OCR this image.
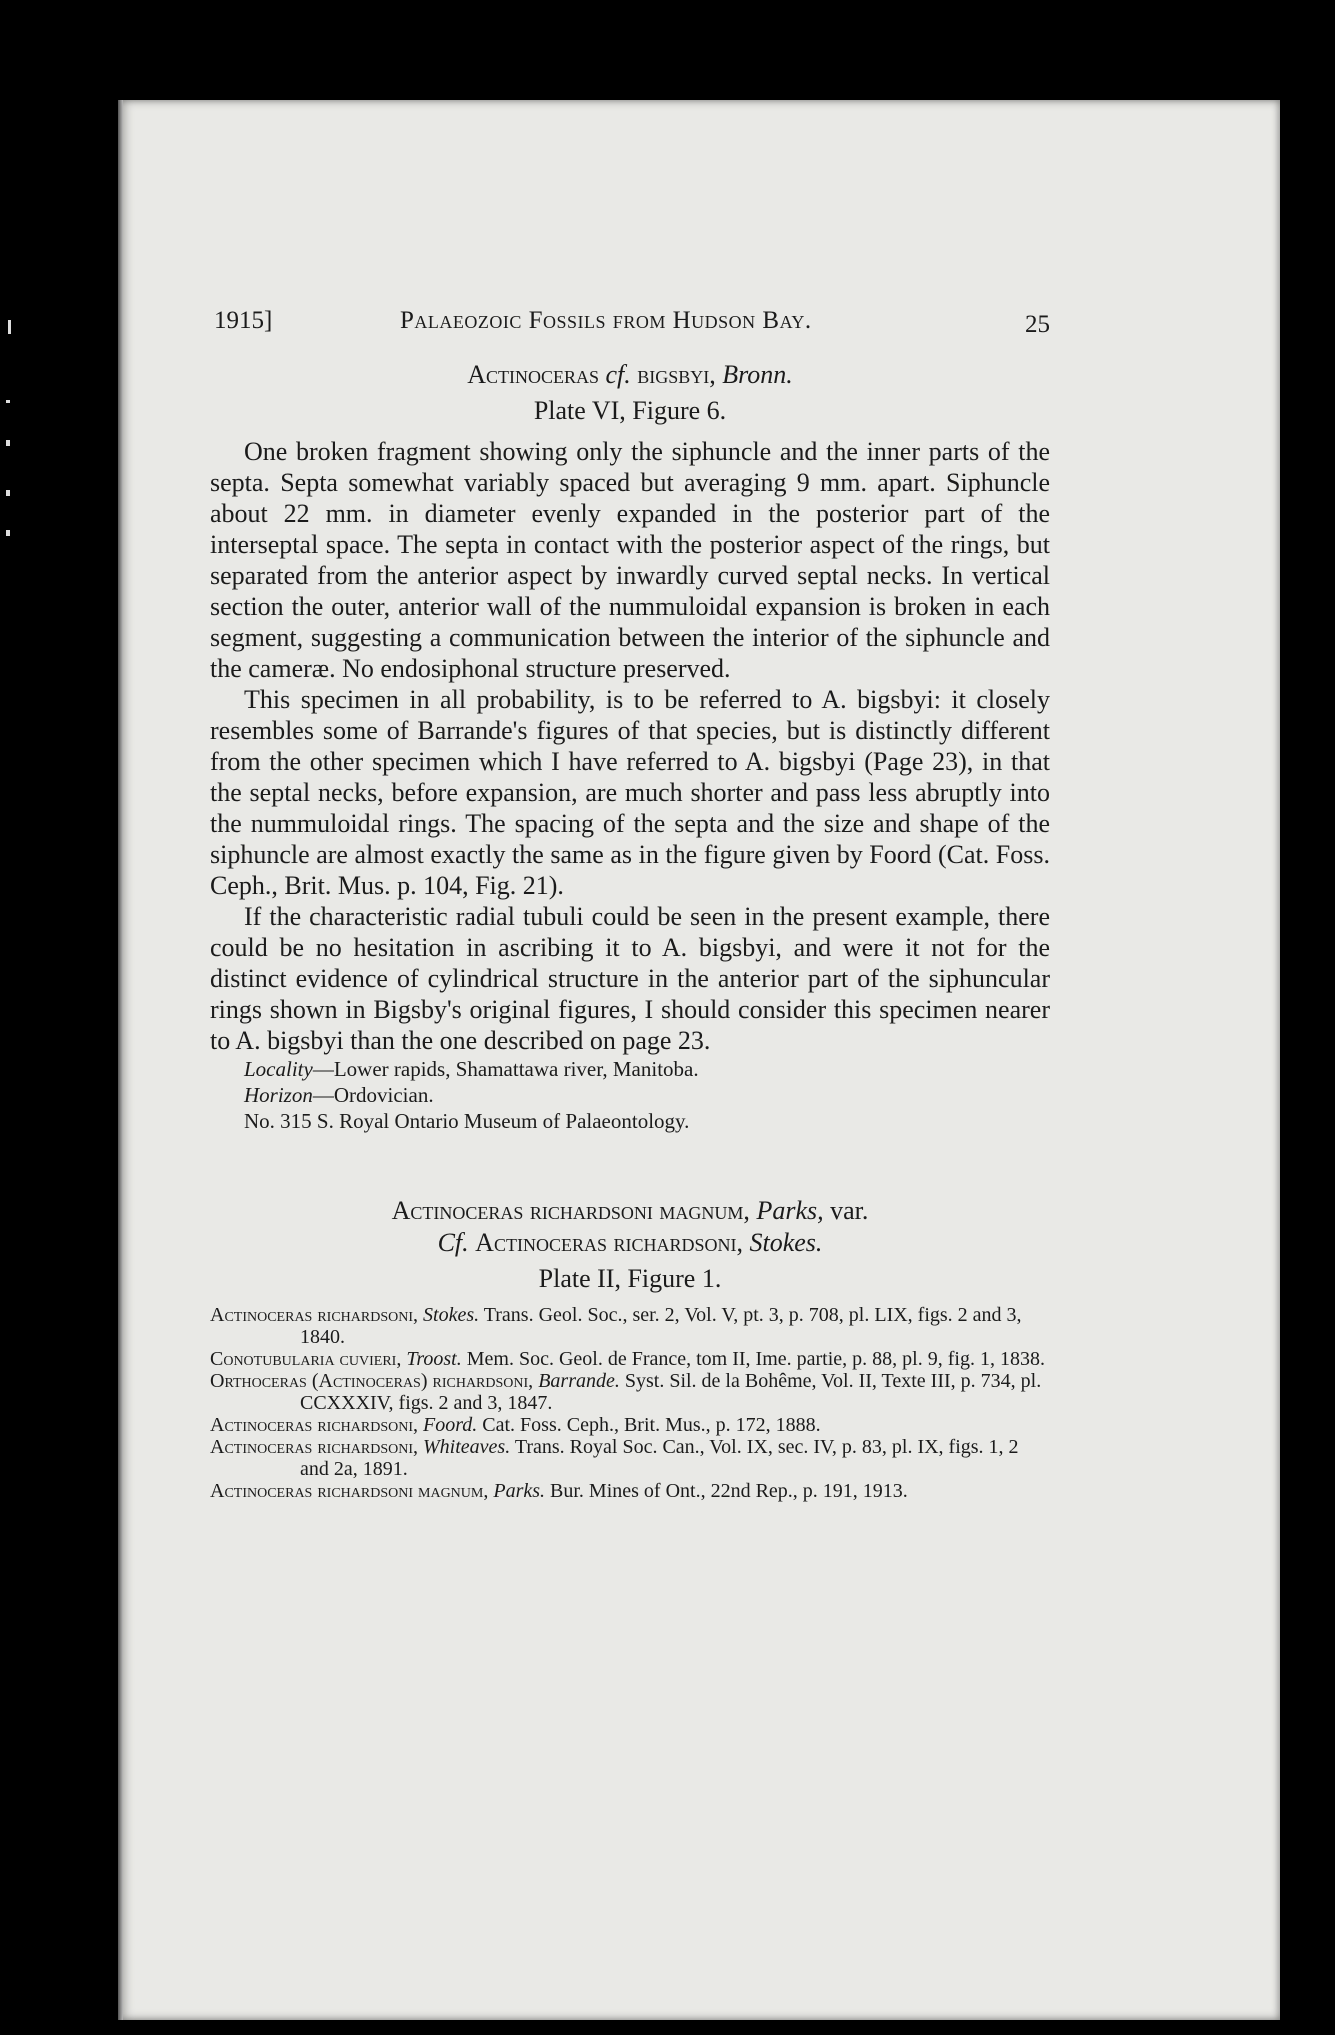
1915]	Palaeozoic Fossils from Hudson Bay.	25
Actinoceras cf. bigsbyi, Bronn.
Plate VI, Figure 6.

One broken fragment showing only the siphuncle and the inner parts of the septa. Septa somewhat variably spaced but averaging 9 mm. apart. Siphuncle about 22 mm. in diameter evenly expanded in the posterior part of the interseptal space. The septa in contact with the posterior aspect of the rings, but separated from the anterior aspect by inwardly curved septal necks. In vertical section the outer, anterior wall of the nummuloidal expansion is broken in each segment, suggesting a communication between the interior of the siphuncle and the cameræ. No endosiphonal structure preserved.

This specimen in all probability, is to be referred to A. bigsbyi: it closely resembles some of Barrande's figures of that species, but is distinctly different from the other specimen which I have referred to A. bigsbyi (Page 23), in that the septal necks, before expansion, are much shorter and pass less abruptly into the nummuloidal rings. The spacing of the septa and the size and shape of the siphuncle are almost exactly the same as in the figure given by Foord (Cat. Foss. Ceph., Brit. Mus. p. 104, Fig. 21).

If the characteristic radial tubuli could be seen in the present example, there could be no hesitation in ascribing it to A. bigsbyi, and were it not for the distinct evidence of cylindrical structure in the anterior part of the siphuncular rings shown in Bigsby's original figures, I should consider this specimen nearer to A. bigsbyi than the one described on page 23.

Locality—Lower rapids, Shamattawa river, Manitoba.

Horizon—Ordovician.

No. 315 S. Royal Ontario Museum of Palaeontology.

Actinoceras richardsoni magnum, Parks, var.
Cf. Actinoceras richardsoni, Stokes.
Plate II, Figure 1.

Actinoceras richardsoni, Stokes. Trans. Geol. Soc., ser. 2, Vol. V, pt. 3, p. 708, pl. LIX, figs. 2 and 3, 1840.

Conotubularia cuvieri, Troost. Mem. Soc. Geol. de France, tom II, Ime. partie, p. 88, pl. 9, fig. 1, 1838.

Orthoceras (Actinoceras) richardsoni, Barrande. Syst. Sil. de la Bohême, Vol. II, Texte III, p. 734, pl. CCXXXIV, figs. 2 and 3, 1847.

Actinoceras richardsoni, Foord. Cat. Foss. Ceph., Brit. Mus., p. 172, 1888.

Actinoceras richardsoni, Whiteaves. Trans. Royal Soc. Can., Vol. IX, sec. IV, p. 83, pl. IX, figs. 1, 2 and 2a, 1891.

Actinoceras richardsoni magnum, Parks. Bur. Mines of Ont., 22nd Rep., p. 191, 1913.
